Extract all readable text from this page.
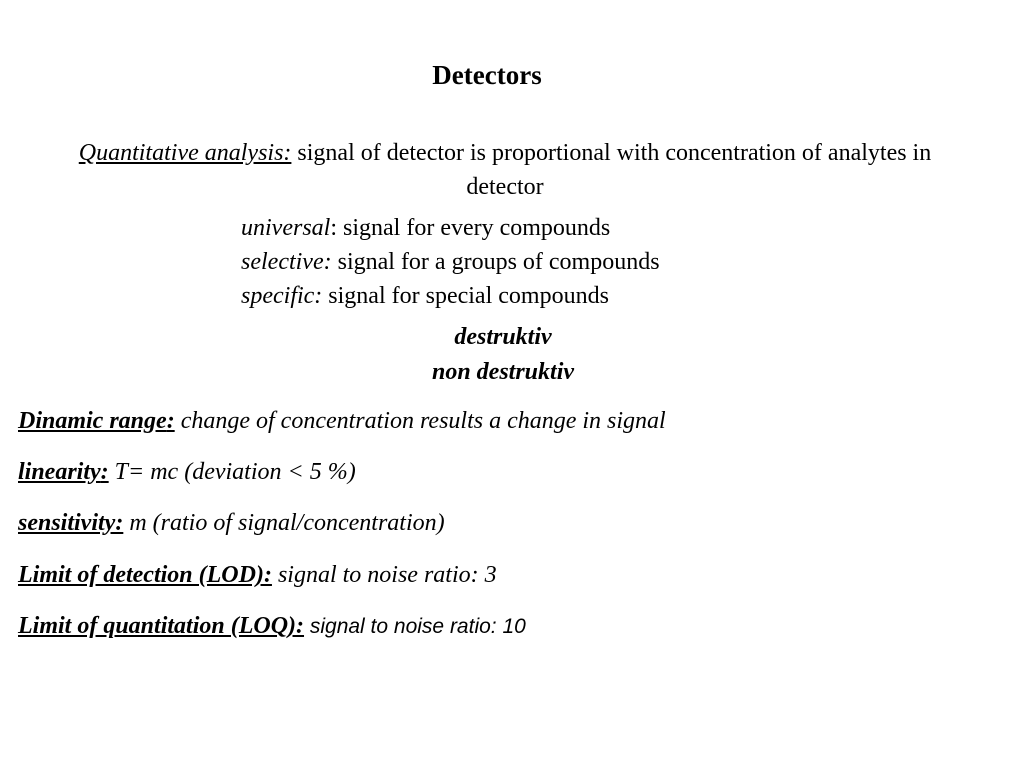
Detectors
Quantitative analysis: signal of detector is proportional with concentration of analytes in detector
universal: signal for every compounds
selective: signal for a groups of compounds
specific: signal for special compounds
destruktiv
non destruktiv
Dinamic range: change of concentration results a change in signal
linearity: T= mc (deviation < 5 %)
sensitivity: m (ratio of signal/concentration)
Limit of detection (LOD): signal to noise ratio: 3
Limit of quantitation (LOQ): signal to noise ratio: 10
